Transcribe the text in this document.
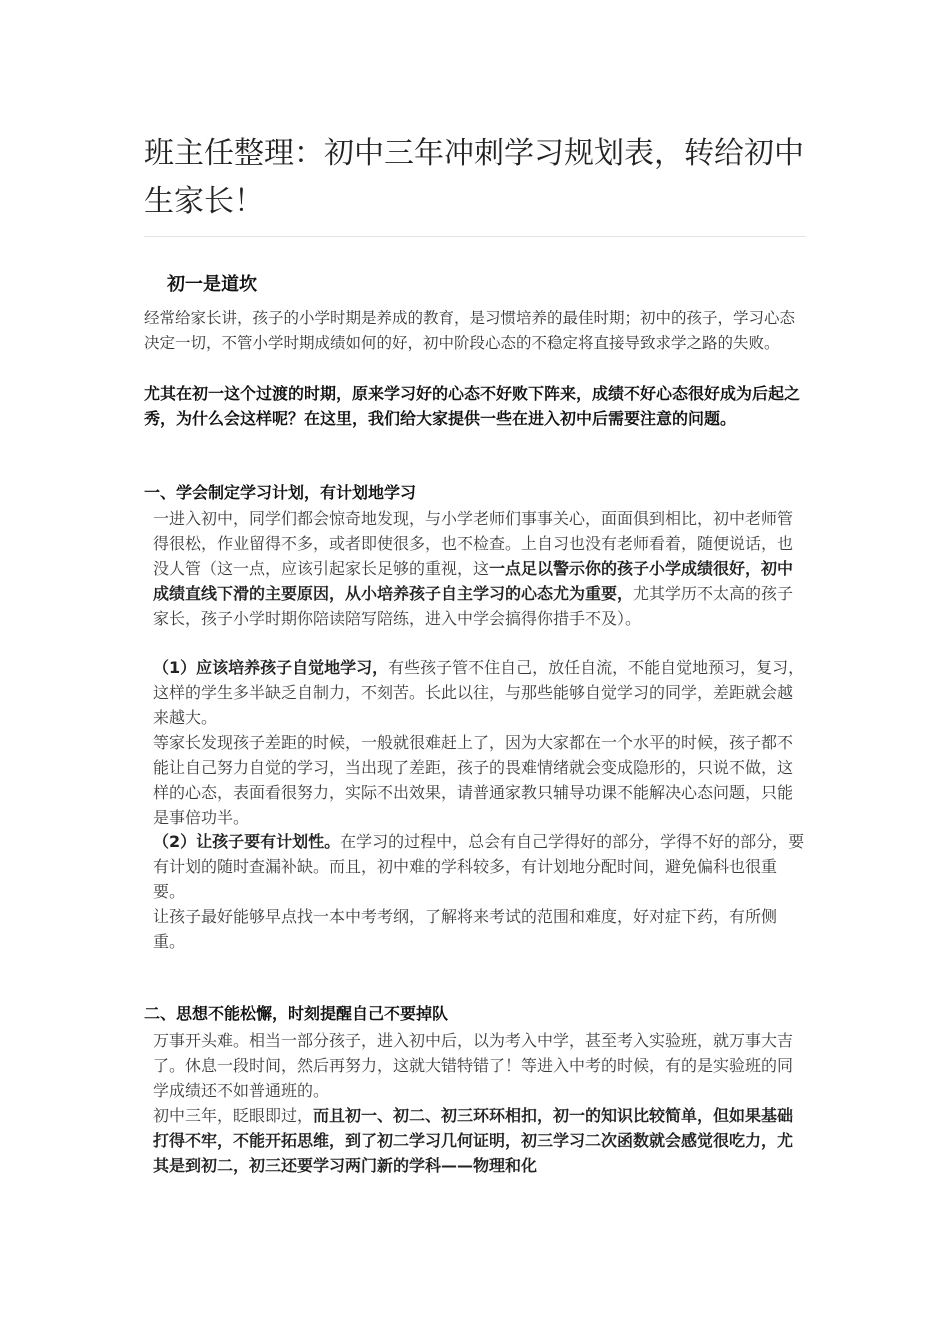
班主任整理：初中三年冲刺学习规划表，转给初中生家长！
初一是道坎
经常给家长讲，孩子的小学时期是养成的教育，是习惯培养的最佳时期；初中的孩子，学习心态决定一切，不管小学时期成绩如何的好，初中阶段心态的不稳定将直接导致求学之路的失败。
尤其在初一这个过渡的时期，原来学习好的心态不好败下阵来，成绩不好心态很好成为后起之秀，为什么会这样呢？在这里，我们给大家提供一些在进入初中后需要注意的问题。
一、学会制定学习计划，有计划地学习
一进入初中，同学们都会惊奇地发现，与小学老师们事事关心，面面俱到相比，初中老师管得很松，作业留得不多，或者即使很多，也不检查。上自习也没有老师看着，随便说话，也没人管（这一点，应该引起家长足够的重视，这一点足以警示你的孩子小学成绩很好，初中成绩直线下滑的主要原因，从小培养孩子自主学习的心态尤为重要，尤其学历不太高的孩子家长，孩子小学时期你陪读陪写陪练，进入中学会搞得你措手不及）。
（1）应该培养孩子自觉地学习，有些孩子管不住自己，放任自流，不能自觉地预习，复习，这样的学生多半缺乏自制力，不刻苦。长此以往，与那些能够自觉学习的同学，差距就会越来越大。
等家长发现孩子差距的时候，一般就很难赶上了，因为大家都在一个水平的时候，孩子都不能让自己努力自觉的学习，当出现了差距，孩子的畏难情绪就会变成隐形的，只说不做，这样的心态，表面看很努力，实际不出效果，请普通家教只辅导功课不能解决心态问题，只能是事倍功半。
（2）让孩子要有计划性。在学习的过程中，总会有自己学得好的部分，学得不好的部分，要有计划的随时查漏补缺。而且，初中难的学科较多，有计划地分配时间，避免偏科也很重要。
让孩子最好能够早点找一本中考考纲，了解将来考试的范围和难度，好对症下药，有所侧重。
二、思想不能松懈，时刻提醒自己不要掉队
万事开头难。相当一部分孩子，进入初中后，以为考入中学，甚至考入实验班，就万事大吉了。休息一段时间，然后再努力，这就大错特错了！等进入中考的时候，有的是实验班的同学成绩还不如普通班的。
初中三年，眨眼即过，而且初一、初二、初三环环相扣，初一的知识比较简单，但如果基础打得不牢，不能开拓思维，到了初二学习几何证明，初三学习二次函数就会感觉很吃力，尤其是到初二，初三还要学习两门新的学科——物理和化
